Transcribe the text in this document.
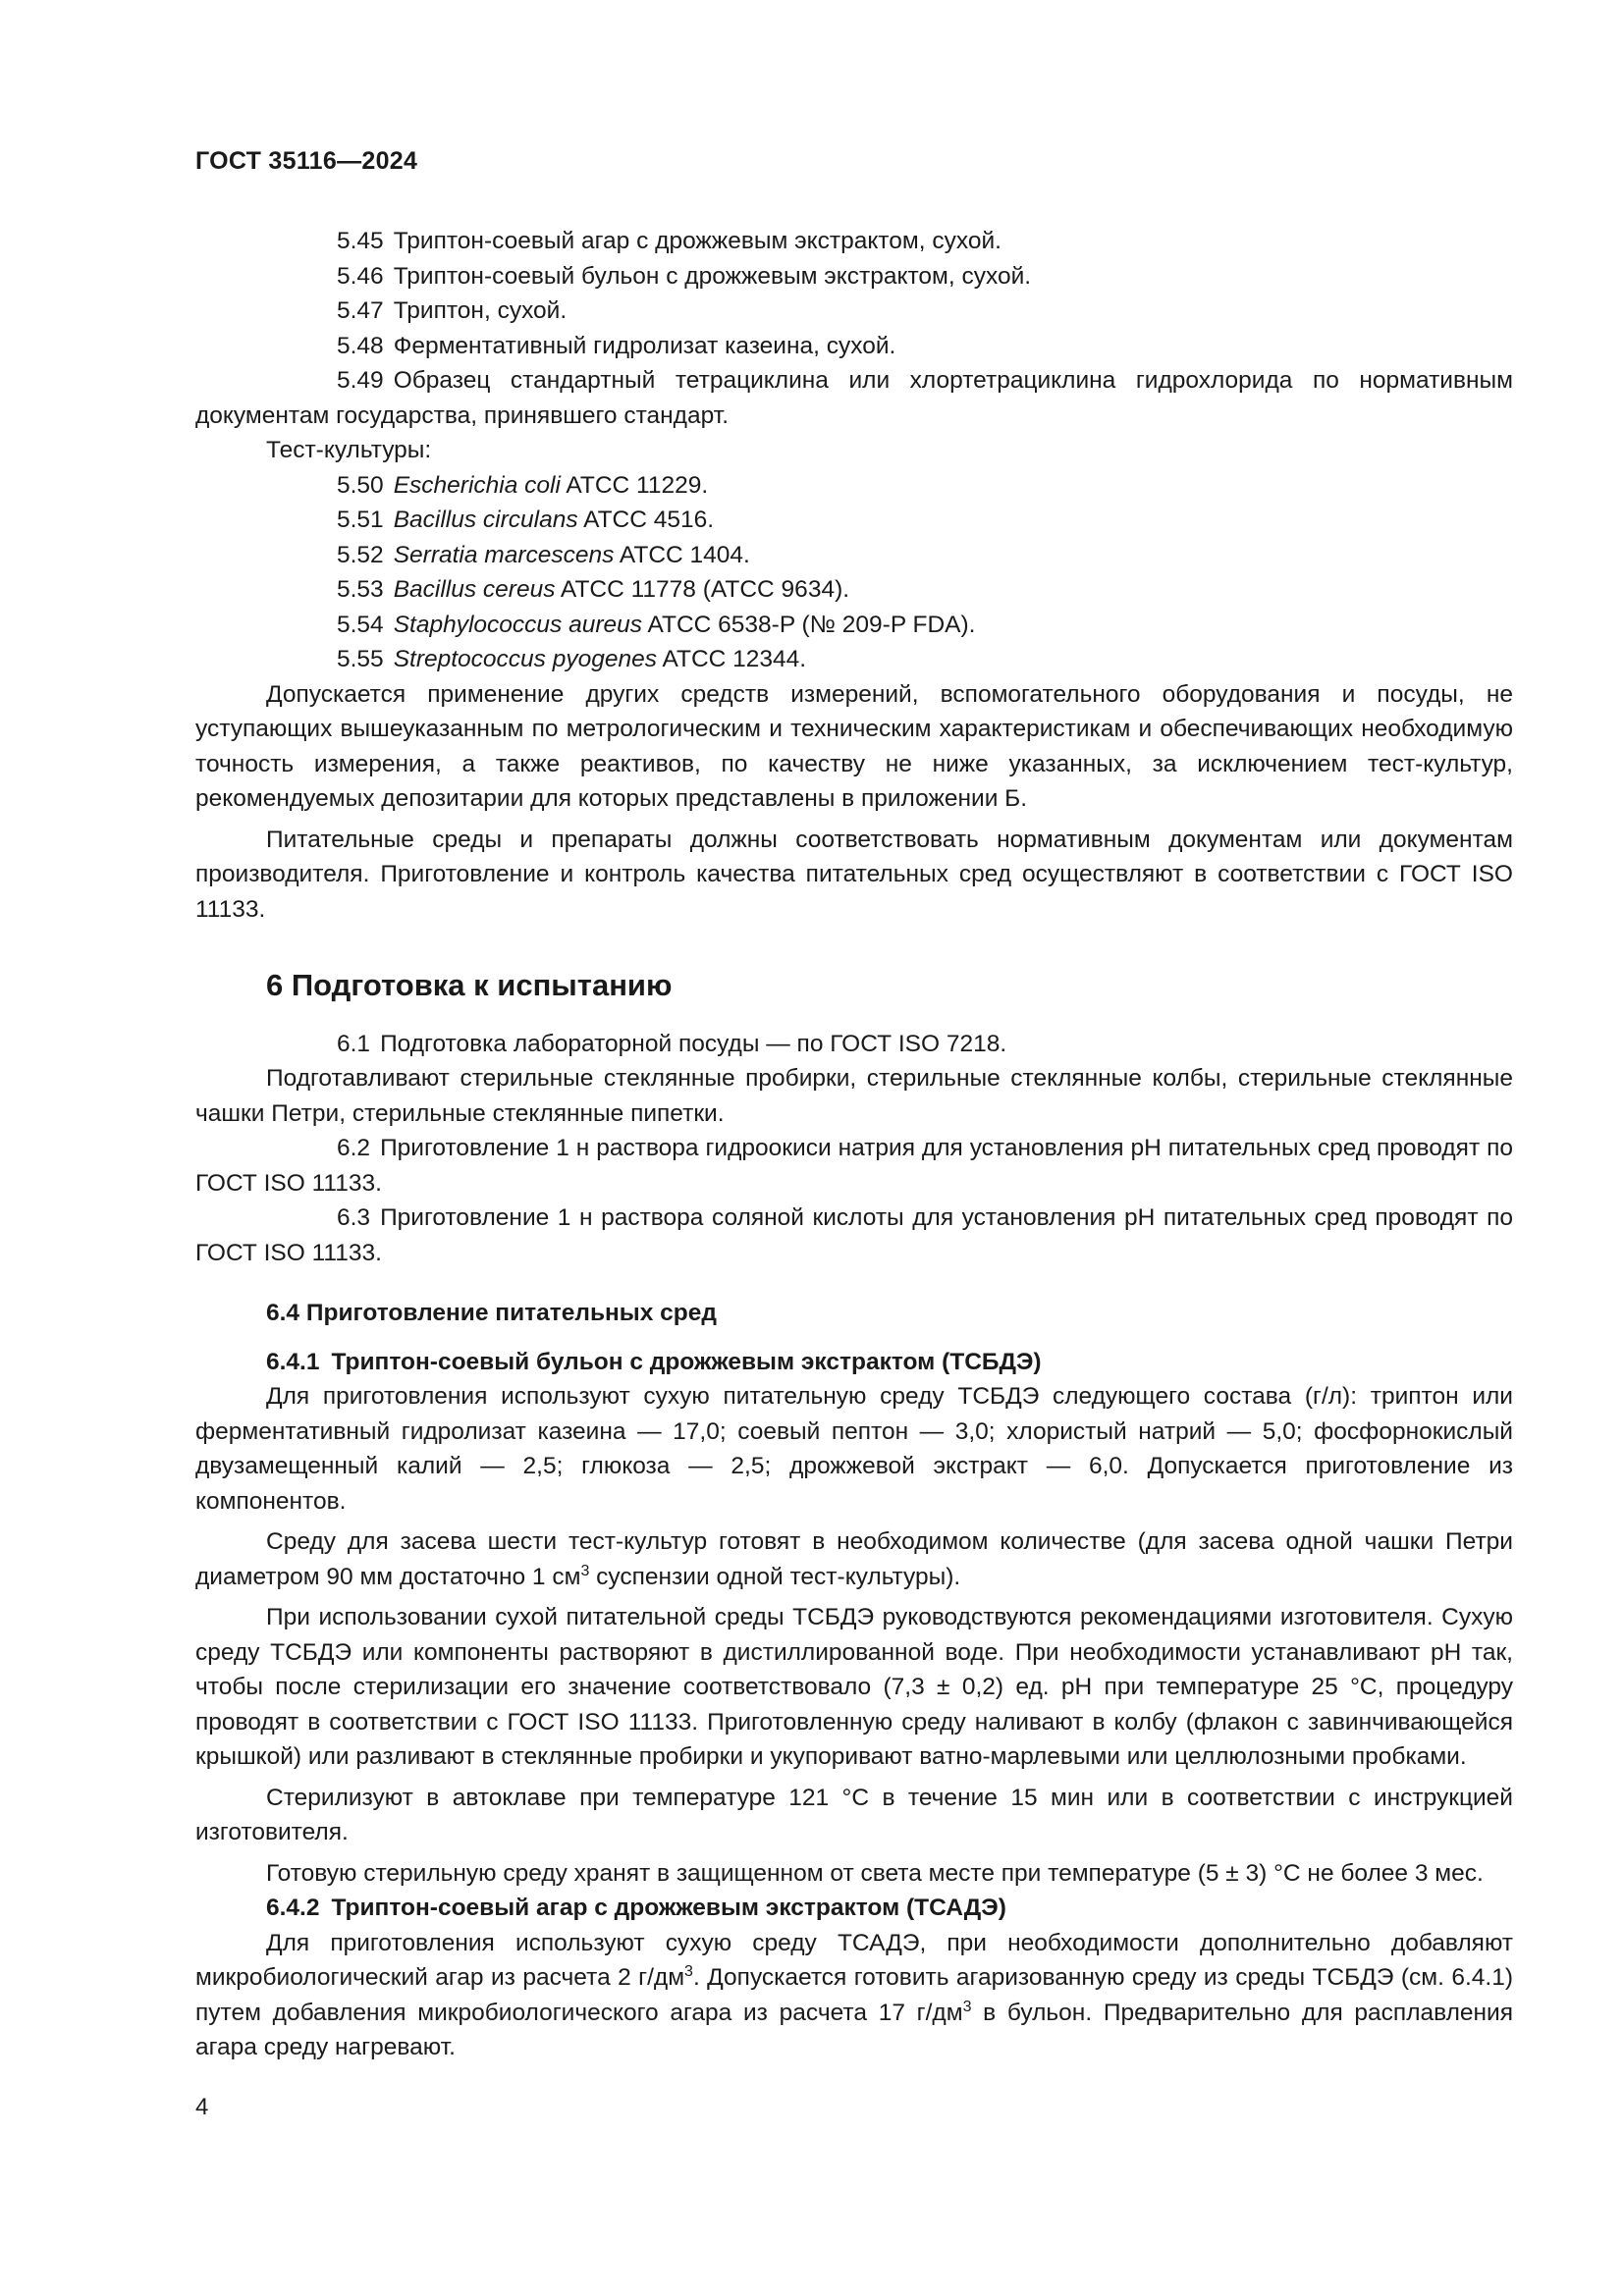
ГОСТ 35116—2024

5.45 Триптон-соевый агар с дрожжевым экстрактом, сухой.

5.46 Триптон-соевый бульон с дрожжевым экстрактом, сухой.

5.47 Триптон, сухой.

5.48 Ферментативный гидролизат казеина, сухой.

5.49 Образец стандартный тетрациклина или хлортетрациклина гидрохлорида по нормативным документам государства, принявшего стандарт.

Тест-культуры:

5.50 Escherichia coli ATCC 11229.

5.51 Bacillus circulans ATCC 4516.

5.52 Serratia marcescens ATCC 1404.

5.53 Bacillus cereus ATCC 11778 (ATCC 9634).

5.54 Staphylococcus aureus ATCC 6538-P (№ 209-P FDA).

5.55 Streptococcus pyogenes ATCC 12344.

Допускается применение других средств измерений, вспомогательного оборудования и посуды, не уступающих вышеуказанным по метрологическим и техническим характеристикам и обеспечивающих необходимую точность измерения, а также реактивов, по качеству не ниже указанных, за исключением тест-культур, рекомендуемых депозитарии для которых представлены в приложении Б.

Питательные среды и препараты должны соответствовать нормативным документам или документам производителя. Приготовление и контроль качества питательных сред осуществляют в соответствии с ГОСТ ISO 11133.

6 Подготовка к испытанию

6.1 Подготовка лабораторной посуды — по ГОСТ ISO 7218.

Подготавливают стерильные стеклянные пробирки, стерильные стеклянные колбы, стерильные стеклянные чашки Петри, стерильные стеклянные пипетки.

6.2 Приготовление 1 н раствора гидроокиси натрия для установления pH питательных сред проводят по ГОСТ ISO 11133.

6.3 Приготовление 1 н раствора соляной кислоты для установления pH питательных сред проводят по ГОСТ ISO 11133.

6.4 Приготовление питательных сред

6.4.1 Триптон-соевый бульон с дрожжевым экстрактом (ТСБДЭ)

Для приготовления используют сухую питательную среду ТСБДЭ следующего состава (г/л): триптон или ферментативный гидролизат казеина — 17,0; соевый пептон — 3,0; хлористый натрий — 5,0; фосфорнокислый двузамещенный калий — 2,5; глюкоза — 2,5; дрожжевой экстракт — 6,0. Допускается приготовление из компонентов.

Среду для засева шести тест-культур готовят в необходимом количестве (для засева одной чашки Петри диаметром 90 мм достаточно 1 $см^3$ суспензии одной тест-культуры).

При использовании сухой питательной среды ТСБДЭ руководствуются рекомендациями изготовителя. Сухую среду ТСБДЭ или компоненты растворяют в дистиллированной воде. При необходимости устанавливают pH так, чтобы после стерилизации его значение соответствовало (7,3 ± 0,2) ед. pH при температуре 25 °С, процедуру проводят в соответствии с ГОСТ ISO 11133. Приготовленную среду наливают в колбу (флакон с завинчивающейся крышкой) или разливают в стеклянные пробирки и укупоривают ватно-марлевыми или целлюлозными пробками.

Стерилизуют в автоклаве при температуре 121 °С в течение 15 мин или в соответствии с инструкцией изготовителя.

Готовую стерильную среду хранят в защищенном от света месте при температуре (5 ± 3) °С не более 3 мес.

6.4.2 Триптон-соевый агар с дрожжевым экстрактом (ТСАДЭ)

Для приготовления используют сухую среду ТСАДЭ, при необходимости дополнительно добавляют микробиологический агар из расчета 2 $г/дм^3$. Допускается готовить агаризованную среду из среды ТСБДЭ (см. 6.4.1) путем добавления микробиологического агара из расчета 17 $г/дм^3$ в бульон. Предварительно для расплавления агара среду нагревают.

4
